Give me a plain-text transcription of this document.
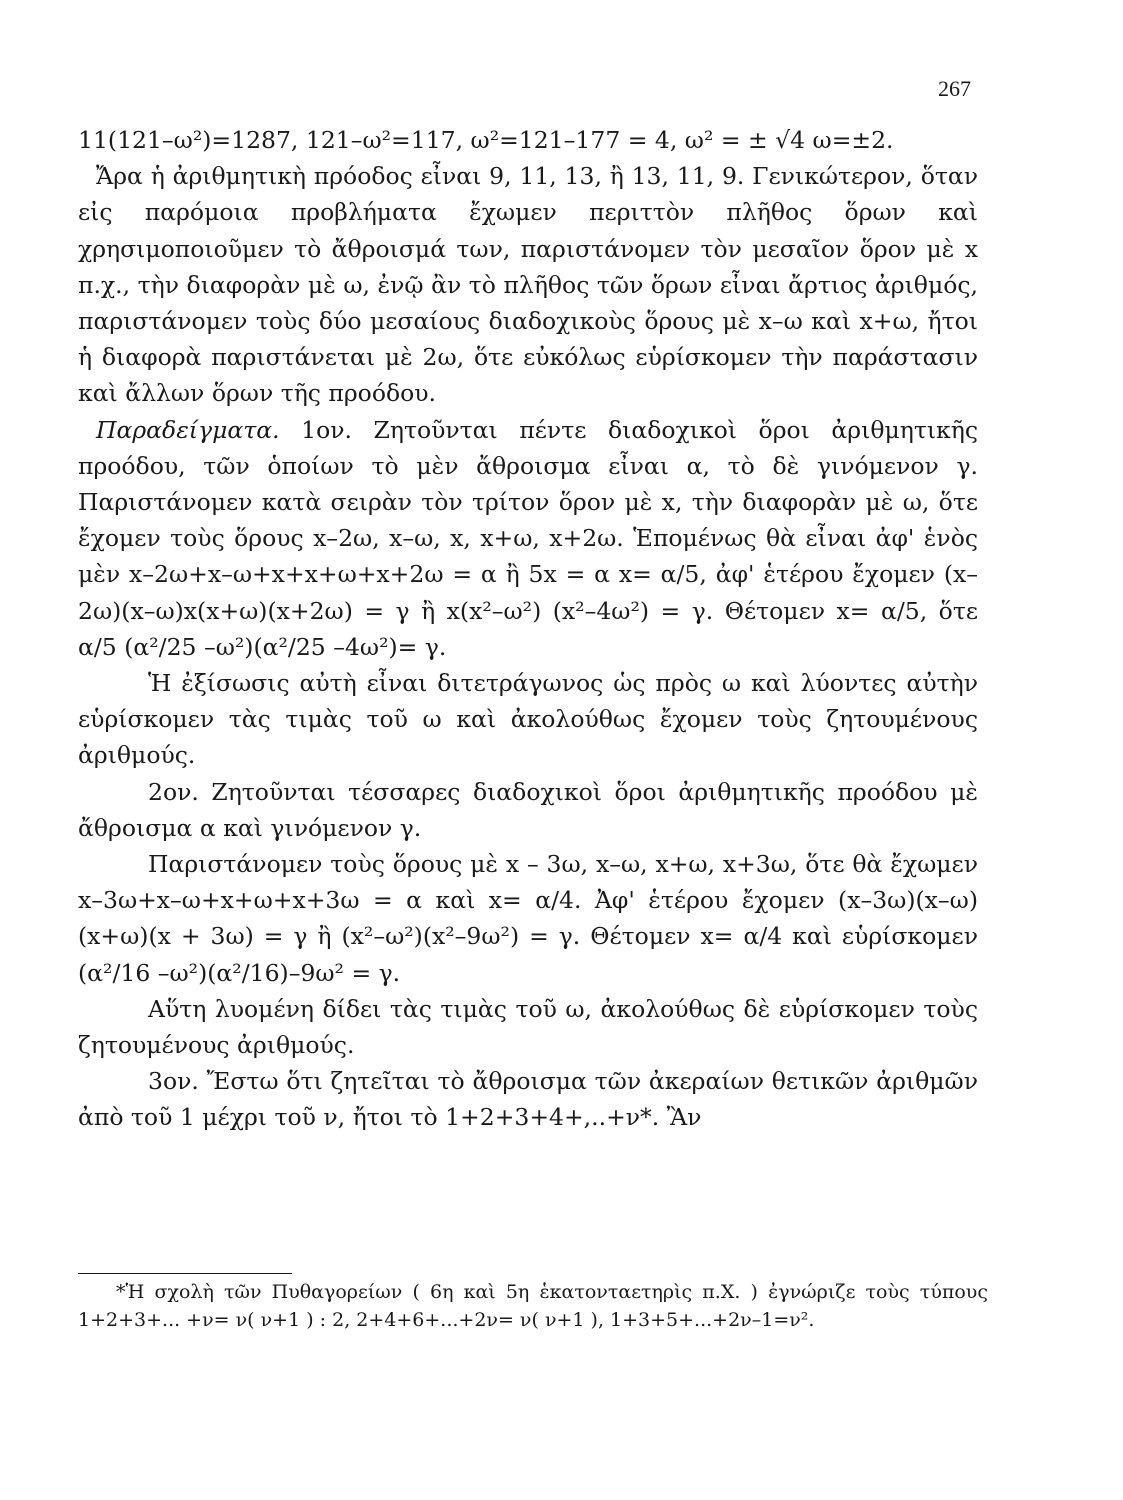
267

11(121–ω²)=1287, 121–ω²=117, ω²=121–177 = 4, ω² = ± √4 ω=±2.

Ἄρα ἡ ἀριθμητικὴ πρόοδος εἶναι 9, 11, 13, ἢ 13, 11, 9. Γενικώτερον, ὅταν εἰς παρόμοια προβλήματα ἔχωμεν περιττὸν πλῆθος ὅρων καὶ χρησιμοποιοῦμεν τὸ ἄθροισμά των, παριστάνομεν τὸν μεσαῖον ὅρον μὲ x π.χ., τὴν διαφορὰν μὲ ω, ἐνῷ ἂν τὸ πλῆθος τῶν ὅρων εἶναι ἄρτιος ἀριθμός, παριστάνομεν τοὺς δύο μεσαίους διαδοχικοὺς ὅρους μὲ x–ω καὶ x+ω, ἤτοι ἡ διαφορὰ παριστάνεται μὲ 2ω, ὅτε εὐκόλως εὑρίσκομεν τὴν παράστασιν καὶ ἄλλων ὅρων τῆς προόδου.

Παραδείγματα. 1ον. Ζητοῦνται πέντε διαδοχικοὶ ὅροι ἀριθμητικῆς προόδου, τῶν ὁποίων τὸ μὲν ἄθροισμα εἶναι α, τὸ δὲ γινόμενον γ. Παριστάνομεν κατὰ σειρὰν τὸν τρίτον ὅρον μὲ x, τὴν διαφορὰν μὲ ω, ὅτε ἔχομεν τοὺς ὅρους x–2ω, x–ω, x, x+ω, x+2ω. Ἑπομένως θὰ εἶναι ἀφ' ἑνὸς μὲν x–2ω+x–ω+x+x+ω+x+2ω = α ἢ 5x = α x= α/5, ἀφ' ἑτέρου ἔχομεν (x–2ω)(x–ω)x(x+ω)(x+2ω) = γ ἢ x(x²–ω²) (x²–4ω²) = γ. Θέτομεν x= α/5, ὅτε α/5 (α²/25 –ω²)(α²/25 –4ω²)= γ.

Ἡ ἐξίσωσις αὐτὴ εἶναι διτετράγωνος ὡς πρὸς ω καὶ λύοντες αὐτὴν εὑρίσκομεν τὰς τιμὰς τοῦ ω καὶ ἀκολούθως ἔχομεν τοὺς ζητουμένους ἀριθμούς.

2ον. Ζητοῦνται τέσσαρες διαδοχικοὶ ὅροι ἀριθμητικῆς προόδου μὲ ἄθροισμα α καὶ γινόμενον γ.

Παριστάνομεν τοὺς ὅρους μὲ x – 3ω, x–ω, x+ω, x+3ω, ὅτε θὰ ἔχωμεν x–3ω+x–ω+x+ω+x+3ω = α καὶ x= α/4. Ἀφ' ἑτέρου ἔχομεν (x–3ω)(x–ω)(x+ω)(x + 3ω) = γ ἢ (x²–ω²)(x²–9ω²) = γ. Θέτομεν x= α/4 καὶ εὑρίσκομεν (α²/16 –ω²)(α²/16)–9ω² = γ.

Αὕτη λυομένη δίδει τὰς τιμὰς τοῦ ω, ἀκολούθως δὲ εὑρίσκομεν τοὺς ζητουμένους ἀριθμούς.

3ον. Ἔστω ὅτι ζητεῖται τὸ ἄθροισμα τῶν ἀκεραίων θετικῶν ἀριθμῶν ἀπὸ τοῦ 1 μέχρι τοῦ ν, ἤτοι τὸ 1+2+3+4+,..+ν*. Ἂν

*Ἡ σχολὴ τῶν Πυθαγορείων ( 6η καὶ 5η ἑκατονταετηρὶς π.Χ. ) ἐγνώριζε τοὺς τύπους 1+2+3+... +ν= ν( ν+1 ) : 2, 2+4+6+...+2ν= ν( ν+1 ), 1+3+5+...+2ν–1=ν².
